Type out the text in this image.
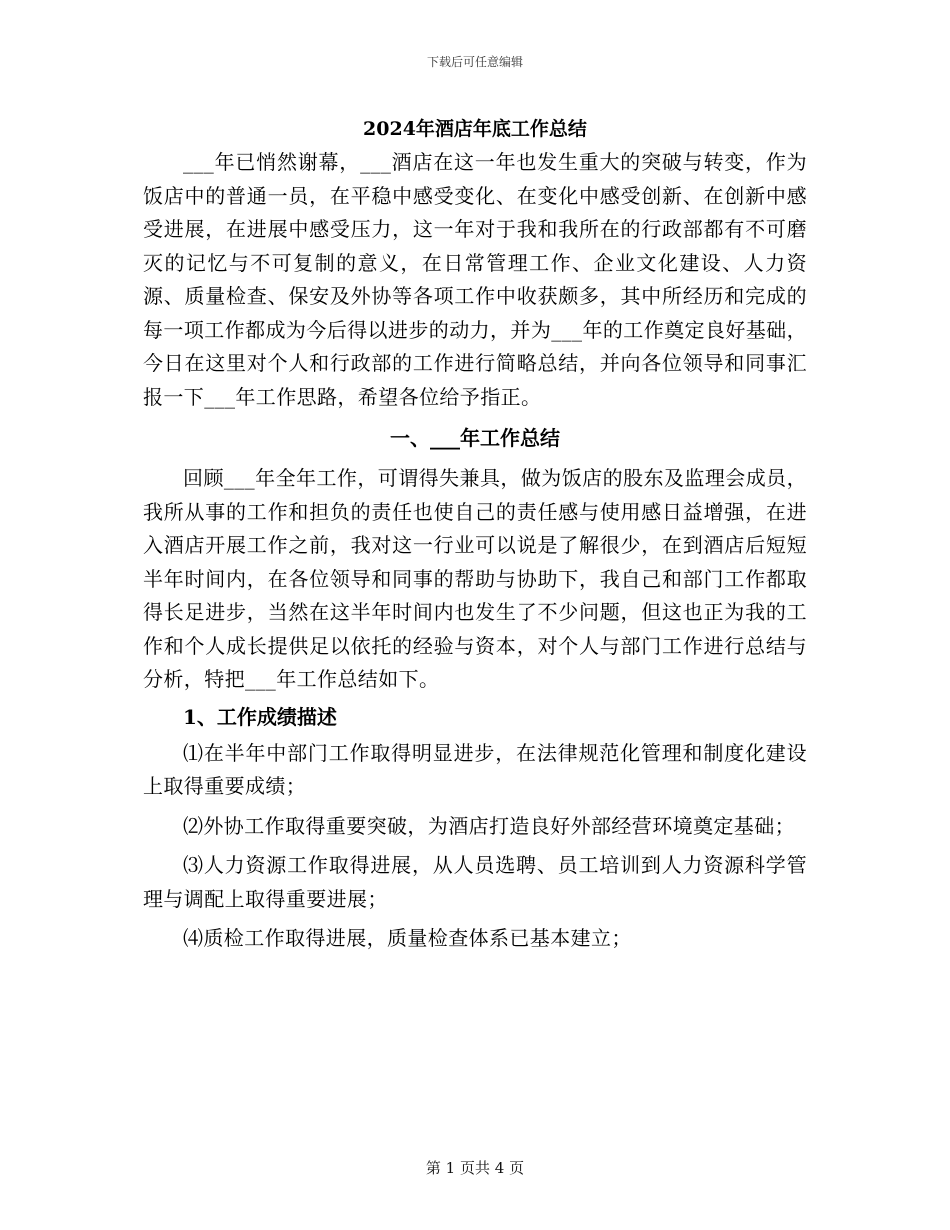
下载后可任意编辑
2024年酒店年底工作总结

___年已悄然谢幕，___酒店在这一年也发生重大的突破与转变，作为饭店中的普通一员，在平稳中感受变化、在变化中感受创新、在创新中感受进展，在进展中感受压力，这一年对于我和我所在的行政部都有不可磨灭的记忆与不可复制的意义，在日常管理工作、企业文化建设、人力资源、质量检查、保安及外协等各项工作中收获颇多，其中所经历和完成的每一项工作都成为今后得以进步的动力，并为___年的工作奠定良好基础，今日在这里对个人和行政部的工作进行简略总结，并向各位领导和同事汇报一下___年工作思路，希望各位给予指正。

一、___年工作总结

回顾___年全年工作，可谓得失兼具，做为饭店的股东及监理会成员，我所从事的工作和担负的责任也使自己的责任感与使用感日益增强，在进入酒店开展工作之前，我对这一行业可以说是了解很少，在到酒店后短短半年时间内，在各位领导和同事的帮助与协助下，我自己和部门工作都取得长足进步，当然在这半年时间内也发生了不少问题，但这也正为我的工作和个人成长提供足以依托的经验与资本，对个人与部门工作进行总结与分析，特把___年工作总结如下。

1、工作成绩描述

⑴在半年中部门工作取得明显进步，在法律规范化管理和制度化建设上取得重要成绩；

⑵外协工作取得重要突破，为酒店打造良好外部经营环境奠定基础；

⑶人力资源工作取得进展，从人员选聘、员工培训到人力资源科学管理与调配上取得重要进展；

⑷质检工作取得进展，质量检查体系已基本建立；

第 1 页共 4 页
